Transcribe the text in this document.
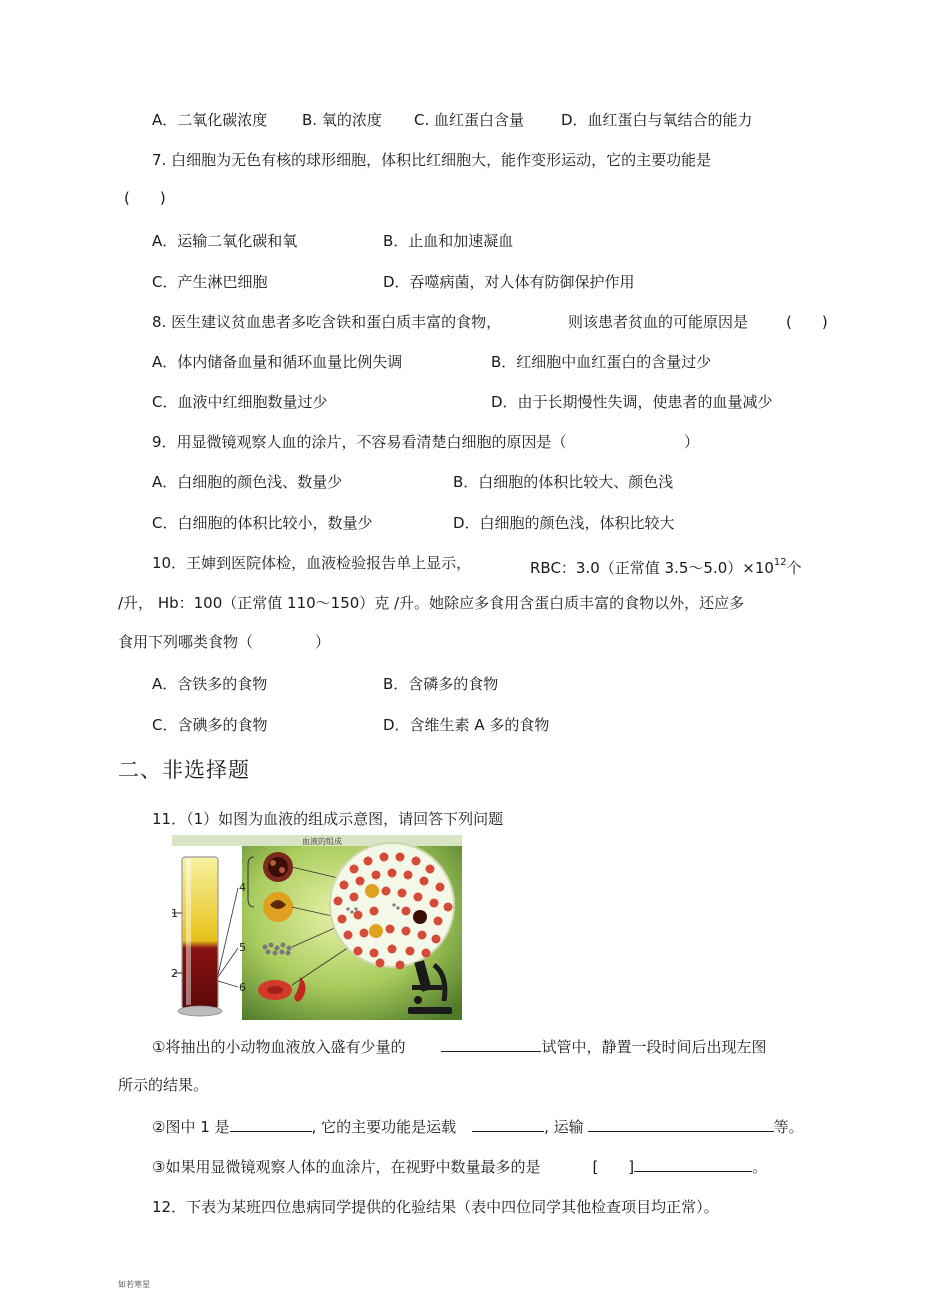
A．二氧化碳浓度 B. 氧的浓度 C. 血红蛋白含量 D．血红蛋白与氧结合的能力
7. 白细胞为无色有核的球形细胞，体积比红细胞大，能作变形运动，它的主要功能是
(　　)
A．运输二氧化碳和氧	B．止血和加速凝血
C．产生淋巴细胞	D．吞噬病菌，对人体有防御保护作用
8. 医生建议贫血患者多吃含铁和蛋白质丰富的食物，	则该患者贫血的可能原因是	(　　)
A．体内储备血量和循环血量比例失调	B．红细胞中血红蛋白的含量过少
C．血液中红细胞数量过少	D．由于长期慢性失调，使患者的血量减少
9．用显微镜观察人血的涂片，不容易看清楚白细胞的原因是（	）
A．白细胞的颜色浅、数量少	B．白细胞的体积比较大、颜色浅
C．白细胞的体积比较小，数量少	D．白细胞的颜色浅，体积比较大
10．王婶到医院体检，血液检验报告单上显示，	RBC：3.0（正常值 $3.5\sim 5.0)\times 10^{12}$个
/升， Hb：100（正常值 110～150）克 /升。她除应多食用含蛋白质丰富的食物以外，还应多
食用下列哪类食物（	）
A．含铁多的食物	B．含磷多的食物
C．含碘多的食物	D．含维生素 A 多的食物
二、非选择题
11．（1）如图为血液的组成示意图，请回答下列问题
血液的组成
1
2
4
5
6
①将抽出的小动物血液放入盛有少量的	试管中，静置一段时间后出现左图
所示的结果。
②图中 1 是	, 它的主要功能是运载	, 运输	等。
③如果用显微镜观察人体的血涂片，在视野中数量最多的是	[　　]	。
12．下表为某班四位患病同学提供的化验结果（表中四位同学其他检查项目均正常）。
如若寒星
